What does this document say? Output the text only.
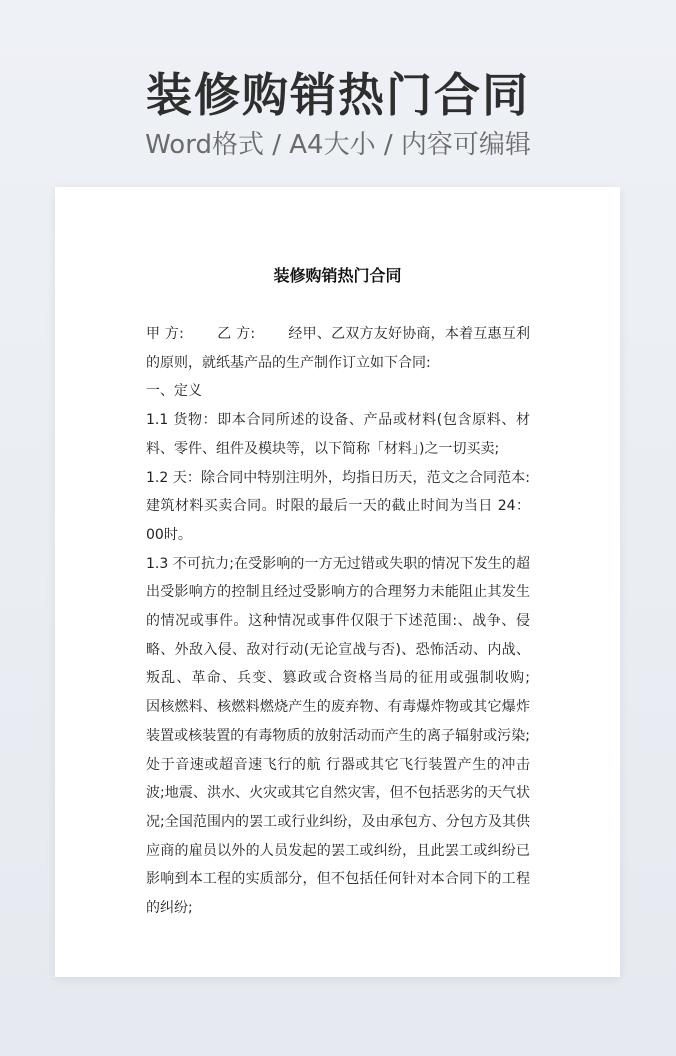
装修购销热门合同
Word格式 / A4大小 / 内容可编辑
装修购销热门合同

甲 方:　　 乙 方:　　 经甲、乙双方友好协商，本着互惠互利的原则，就纸基产品的生产制作订立如下合同:

一、定义

1.1 货物：即本合同所述的设备、产品或材料(包含原料、材料、零件、组件及模块等，以下简称「材料」)之一切买卖;

1.2 天：除合同中特别注明外，均指日历天，范文之合同范本:建筑材料买卖合同。时限的最后一天的截止时间为当日 24：00时。

1.3 不可抗力;在受影响的一方无过错或失职的情况下发生的超出受影响方的控制且经过受影响方的合理努力未能阻止其发生的情况或事件。这种情况或事件仅限于下述范围:、战争、侵略、外敌入侵、敌对行动(无论宣战与否)、恐怖活动、内战、叛乱、革命、兵变、篡政或合资格当局的征用或强制收购;　　 因核燃料、核燃料燃烧产生的废弃物、有毒爆炸物或其它爆炸装置或核装置的有毒物质的放射活动而产生的离子辐射或污染;处于音速或超音速飞行的航 行器或其它飞行装置产生的冲击波;地震、洪水、火灾或其它自然灾害，但不包括恶劣的天气状况;全国范围内的罢工或行业纠纷，及由承包方、分包方及其供应商的雇员以外的人员发起的罢工或纠纷，且此罢工或纠纷已影响到本工程的实质部分，但不包括任何针对本合同下的工程的纠纷;
